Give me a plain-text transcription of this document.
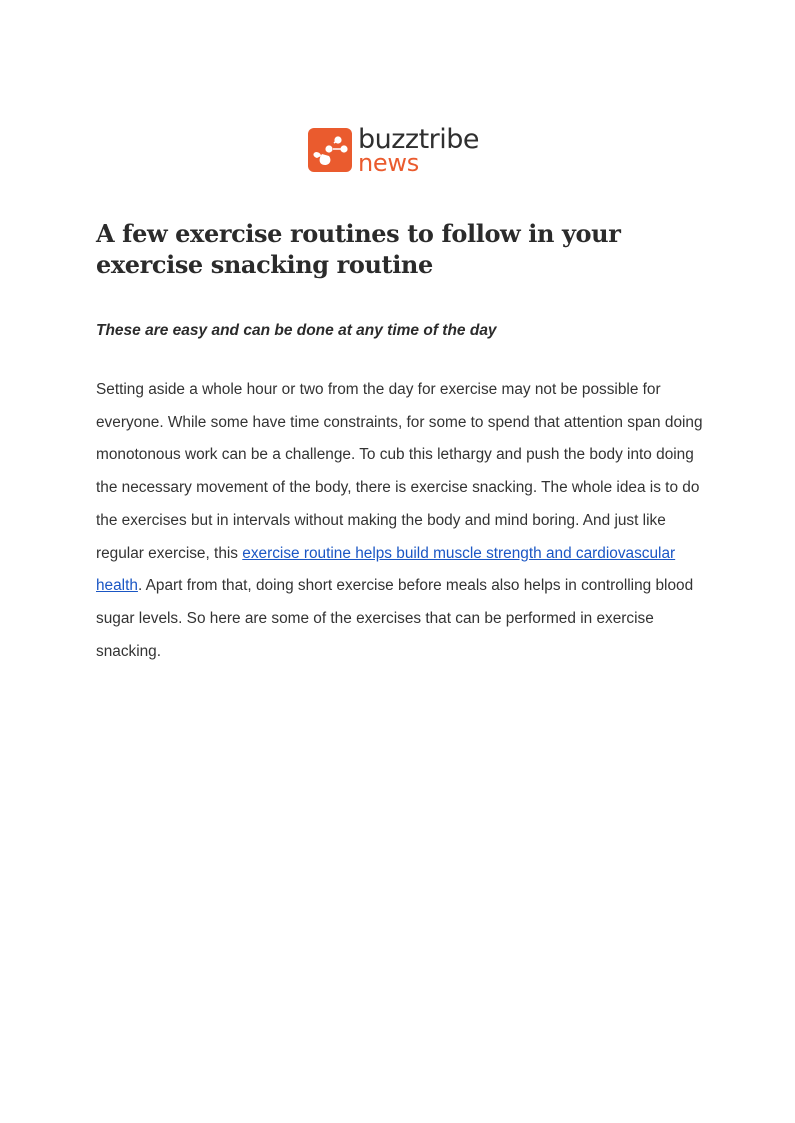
buzztribe
news
A few exercise routines to follow in your exercise snacking routine

These are easy and can be done at any time of the day

Setting aside a whole hour or two from the day for exercise may not be possible for everyone. While some have time constraints, for some to spend that attention span doing monotonous work can be a challenge. To cub this lethargy and push the body into doing the necessary movement of the body, there is exercise snacking. The whole idea is to do the exercises but in intervals without making the body and mind boring. And just like regular exercise, this exercise routine helps build muscle strength and cardiovascular health. Apart from that, doing short exercise before meals also helps in controlling blood sugar levels. So here are some of the exercises that can be performed in exercise snacking.
